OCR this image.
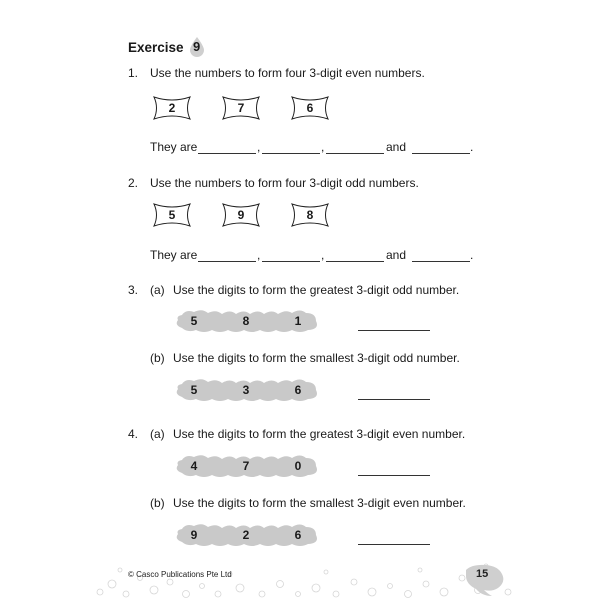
Exercise 9
1. Use the numbers to form four 3-digit even numbers.
2	7	6
They are	,	,	and	.
2. Use the numbers to form four 3-digit odd numbers.
5	9	8
They are	,	,	and	.
3. (a) Use the digits to form the greatest 3-digit odd number.
5	8	1
(b) Use the digits to form the smallest 3-digit odd number.
5	3	6
4. (a) Use the digits to form the greatest 3-digit even number.
4	7	0
(b) Use the digits to form the smallest 3-digit even number.
9	2	6
© Casco Publications Pte Ltd	15
